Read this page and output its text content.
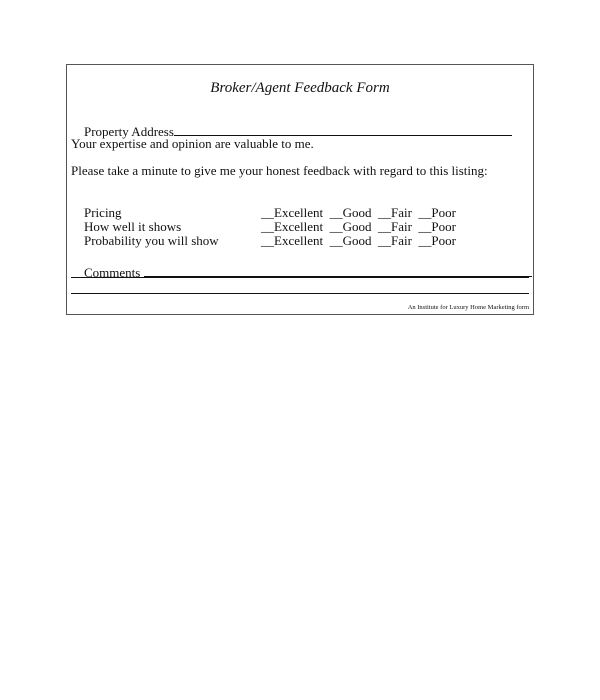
Broker/Agent Feedback Form

Property Address

Your expertise and opinion are valuable to me.
Please take a minute to give me your honest feedback with regard to this listing:

Pricing	__Excellent  __Good  __Fair  __Poor

How well it shows	__Excellent  __Good  __Fair  __Poor

Probability you will show	__Excellent  __Good  __Fair  __Poor

Comments

An Institute for Luxury Home Marketing form
